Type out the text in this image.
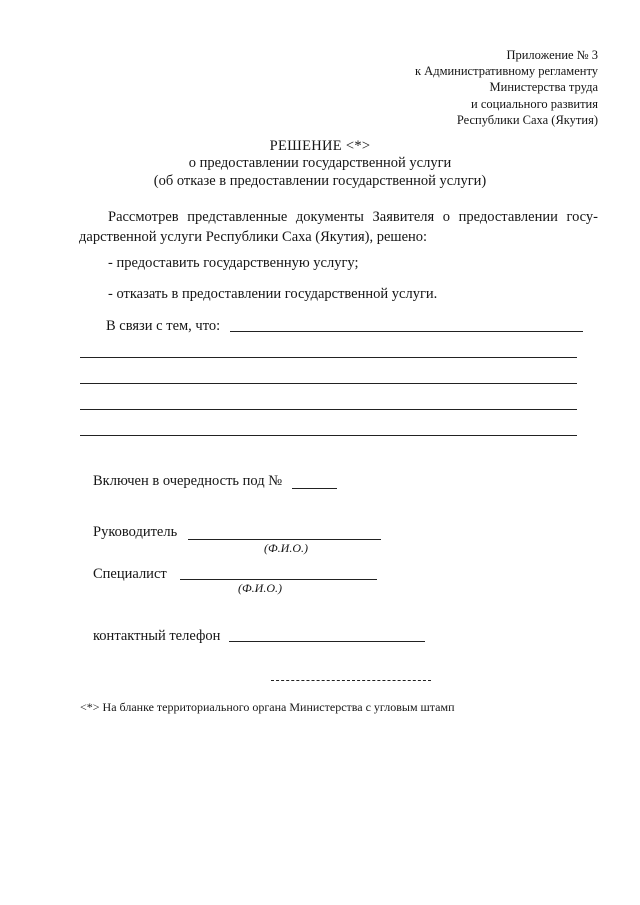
Приложение № 3
к Административному регламенту
Министерства труда
и социального развития
Республики Саха (Якутия)
РЕШЕНИЕ <*>
о предоставлении государственной услуги
(об отказе в предоставлении государственной услуги)
Рассмотрев представленные документы Заявителя о предоставлении госу-
дарственной услуги Республики Саха (Якутия), решено:
- предоставить государственную услугу;
- отказать в предоставлении государственной услуги.
В связи с тем, что:
Включен в очередность под №
Руководитель
(Ф.И.О.)
Специалист
(Ф.И.О.)
контактный телефон
<*> На бланке территориального органа Министерства с угловым штамп
